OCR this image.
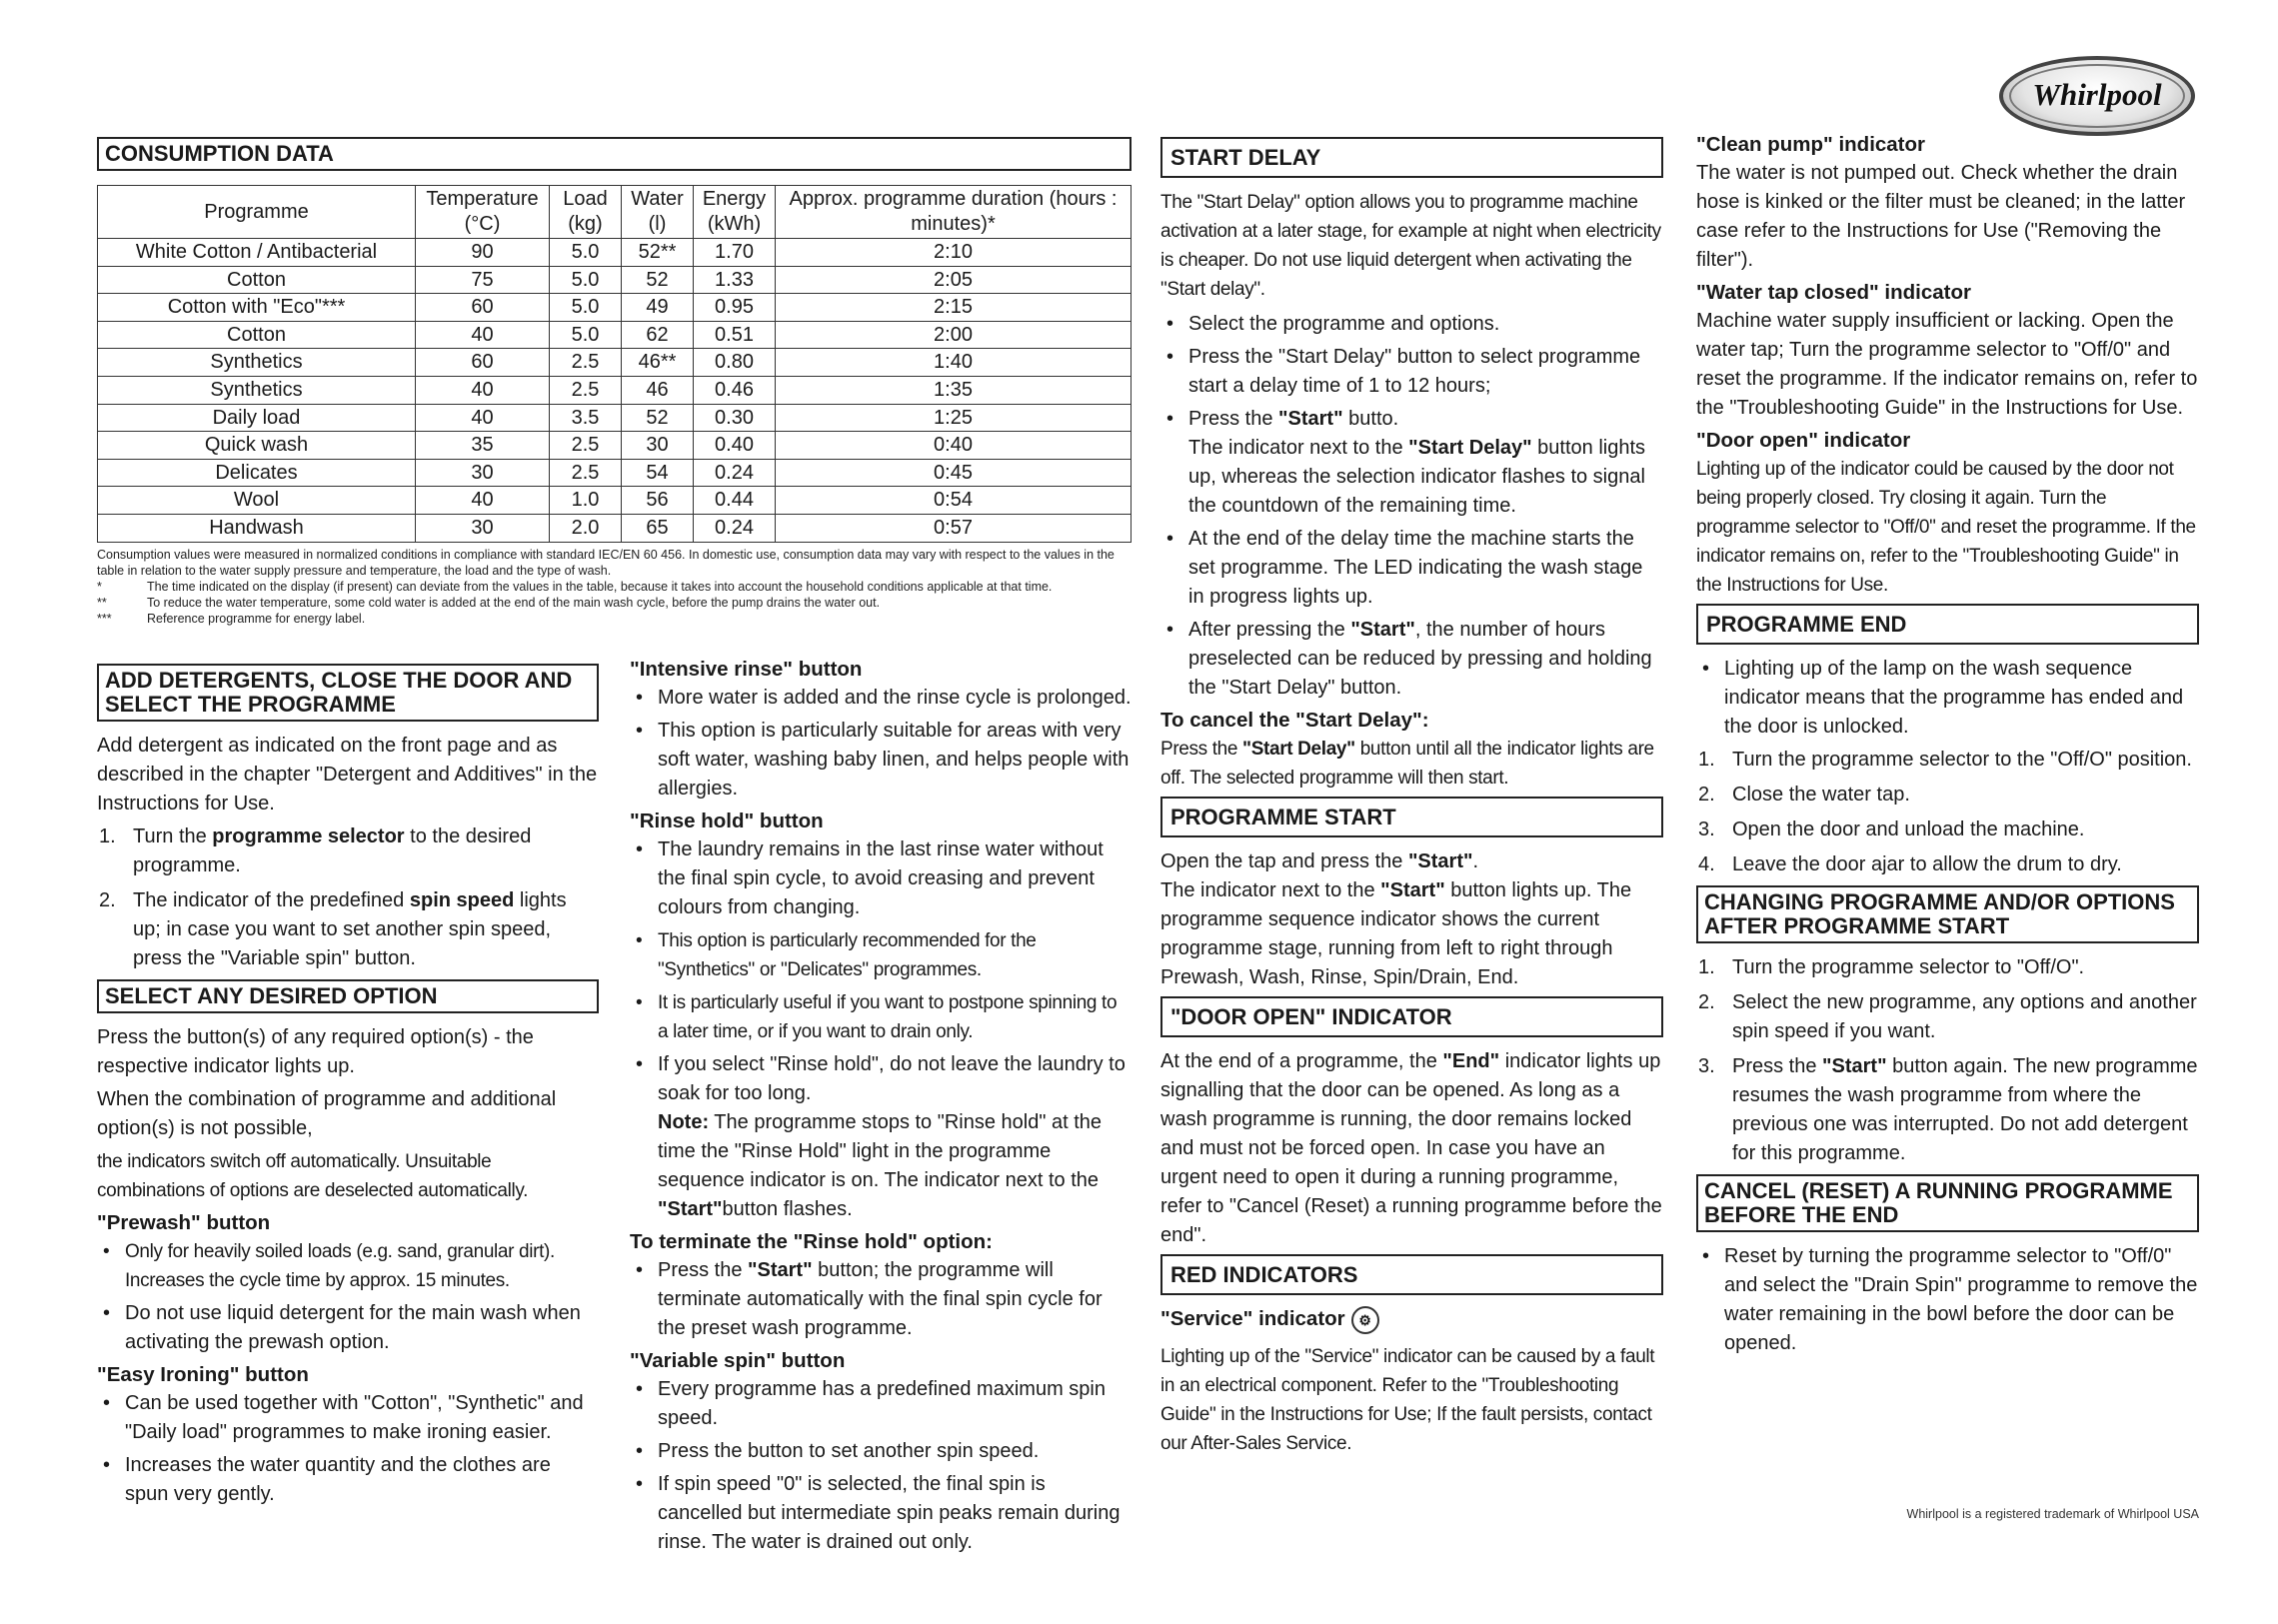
Whirlpool
CONSUMPTION DATA
Programme	Temperature (°C)	Load (kg)	Water (l)	Energy (kWh)	Approx. programme duration (hours : minutes)*
White Cotton / Antibacterial	90	5.0	52**	1.70	2:10
Cotton	75	5.0	52	1.33	2:05
Cotton with "Eco"***	60	5.0	49	0.95	2:15
Cotton	40	5.0	62	0.51	2:00
Synthetics	60	2.5	46**	0.80	1:40
Synthetics	40	2.5	46	0.46	1:35
Daily load	40	3.5	52	0.30	1:25
Quick wash	35	2.5	30	0.40	0:40
Delicates	30	2.5	54	0.24	0:45
Wool	40	1.0	56	0.44	0:54
Handwash	30	2.0	65	0.24	0:57
Consumption values were measured in normalized conditions in compliance with standard IEC/EN 60 456. In domestic use, consumption data may vary with respect to the values in the table in relation to the water supply pressure and temperature, the load and the type of wash.
*	The time indicated on the display (if present) can deviate from the values in the table, because it takes into account the household conditions applicable at that time.
**	To reduce the water temperature, some cold water is added at the end of the main wash cycle, before the pump drains the water out.
***	Reference programme for energy label.
ADD DETERGENTS, CLOSE THE DOOR AND SELECT THE PROGRAMME

Add detergent as indicated on the front page and as described in the chapter "Detergent and Additives" in the Instructions for Use.

1. Turn the programme selector to the desired programme.
2. The indicator of the predefined spin speed lights up; in case you want to set another spin speed, press the "Variable spin" button.
SELECT ANY DESIRED OPTION

Press the button(s) of any required option(s) - the respective indicator lights up.

When the combination of programme and additional option(s) is not possible,

the indicators switch off automatically. Unsuitable combinations of options are deselected automatically.

"Prewash" button
• Only for heavily soiled loads (e.g. sand, granular dirt). Increases the cycle time by approx. 15 minutes.
• Do not use liquid detergent for the main wash when activating the prewash option.
"Easy Ironing" button
• Can be used together with "Cotton", "Synthetic" and "Daily load" programmes to make ironing easier.
• Increases the water quantity and the clothes are spun very gently.
"Intensive rinse" button
• More water is added and the rinse cycle is prolonged.
• This option is particularly suitable for areas with very soft water, washing baby linen, and helps people with allergies.
"Rinse hold" button
• The laundry remains in the last rinse water without the final spin cycle, to avoid creasing and prevent colours from changing.
• This option is particularly recommended for the "Synthetics" or "Delicates" programmes.
• It is particularly useful if you want to postpone spinning to a later time, or if you want to drain only.
• If you select "Rinse hold", do not leave the laundry to soak for too long.
Note: The programme stops to "Rinse hold" at the time the "Rinse Hold" light in the programme sequence indicator is on. The indicator next to the "Start"button flashes.
To terminate the "Rinse hold" option:
• Press the "Start" button; the programme will terminate automatically with the final spin cycle for the preset wash programme.
"Variable spin" button
• Every programme has a predefined maximum spin speed.
• Press the button to set another spin speed.
• If spin speed "0" is selected, the final spin is cancelled but intermediate spin peaks remain during rinse. The water is drained out only.
START DELAY

The "Start Delay" option allows you to programme machine activation at a later stage, for example at night when electricity is cheaper. Do not use liquid detergent when activating the "Start delay".

• Select the programme and options.
• Press the "Start Delay" button to select programme start a delay time of 1 to 12 hours;
• Press the "Start" butto.
The indicator next to the "Start Delay" button lights up, whereas the selection indicator flashes to signal the countdown of the remaining time.
• At the end of the delay time the machine starts the set programme. The LED indicating the wash stage in progress lights up.
• After pressing the "Start", the number of hours preselected can be reduced by pressing and holding the "Start Delay" button.
To cancel the "Start Delay":

Press the "Start Delay" button until all the indicator lights are off. The selected programme will then start.

PROGRAMME START

Open the tap and press the "Start".
The indicator next to the "Start" button lights up. The programme sequence indicator shows the current programme stage, running from left to right through Prewash, Wash, Rinse, Spin/Drain, End.

"DOOR OPEN" INDICATOR

At the end of a programme, the "End" indicator lights up signalling that the door can be opened. As long as a wash programme is running, the door remains locked and must not be forced open. In case you have an urgent need to open it during a running programme, refer to "Cancel (Reset) a running programme before the end".

RED INDICATORS
"Service" indicator ⚙

Lighting up of the "Service" indicator can be caused by a fault in an electrical component. Refer to the "Troubleshooting Guide" in the Instructions for Use; If the fault persists, contact our After-Sales Service.

"Clean pump" indicator

The water is not pumped out. Check whether the drain hose is kinked or the filter must be cleaned; in the latter case refer to the Instructions for Use ("Removing the filter").

"Water tap closed" indicator

Machine water supply insufficient or lacking. Open the water tap; Turn the programme selector to "Off/0" and reset the programme. If the indicator remains on, refer to the "Troubleshooting Guide" in the Instructions for Use.

"Door open" indicator

Lighting up of the indicator could be caused by the door not being properly closed. Try closing it again. Turn the programme selector to "Off/0" and reset the programme. If the indicator remains on, refer to the "Troubleshooting Guide" in the Instructions for Use.

PROGRAMME END
• Lighting up of the lamp on the wash sequence indicator means that the programme has ended and the door is unlocked.
1. Turn the programme selector to the "Off/O" position.
2. Close the water tap.
3. Open the door and unload the machine.
4. Leave the door ajar to allow the drum to dry.
CHANGING PROGRAMME AND/OR OPTIONS AFTER PROGRAMME START
1. Turn the programme selector to "Off/O".
2. Select the new programme, any options and another spin speed if you want.
3. Press the "Start" button again. The new programme resumes the wash programme from where the previous one was interrupted. Do not add detergent for this programme.
CANCEL (RESET) A RUNNING PROGRAMME BEFORE THE END
• Reset by turning the programme selector to "Off/0" and select the "Drain Spin" programme to remove the water remaining in the bowl before the door can be opened.
Whirlpool is a registered trademark of Whirlpool USA
